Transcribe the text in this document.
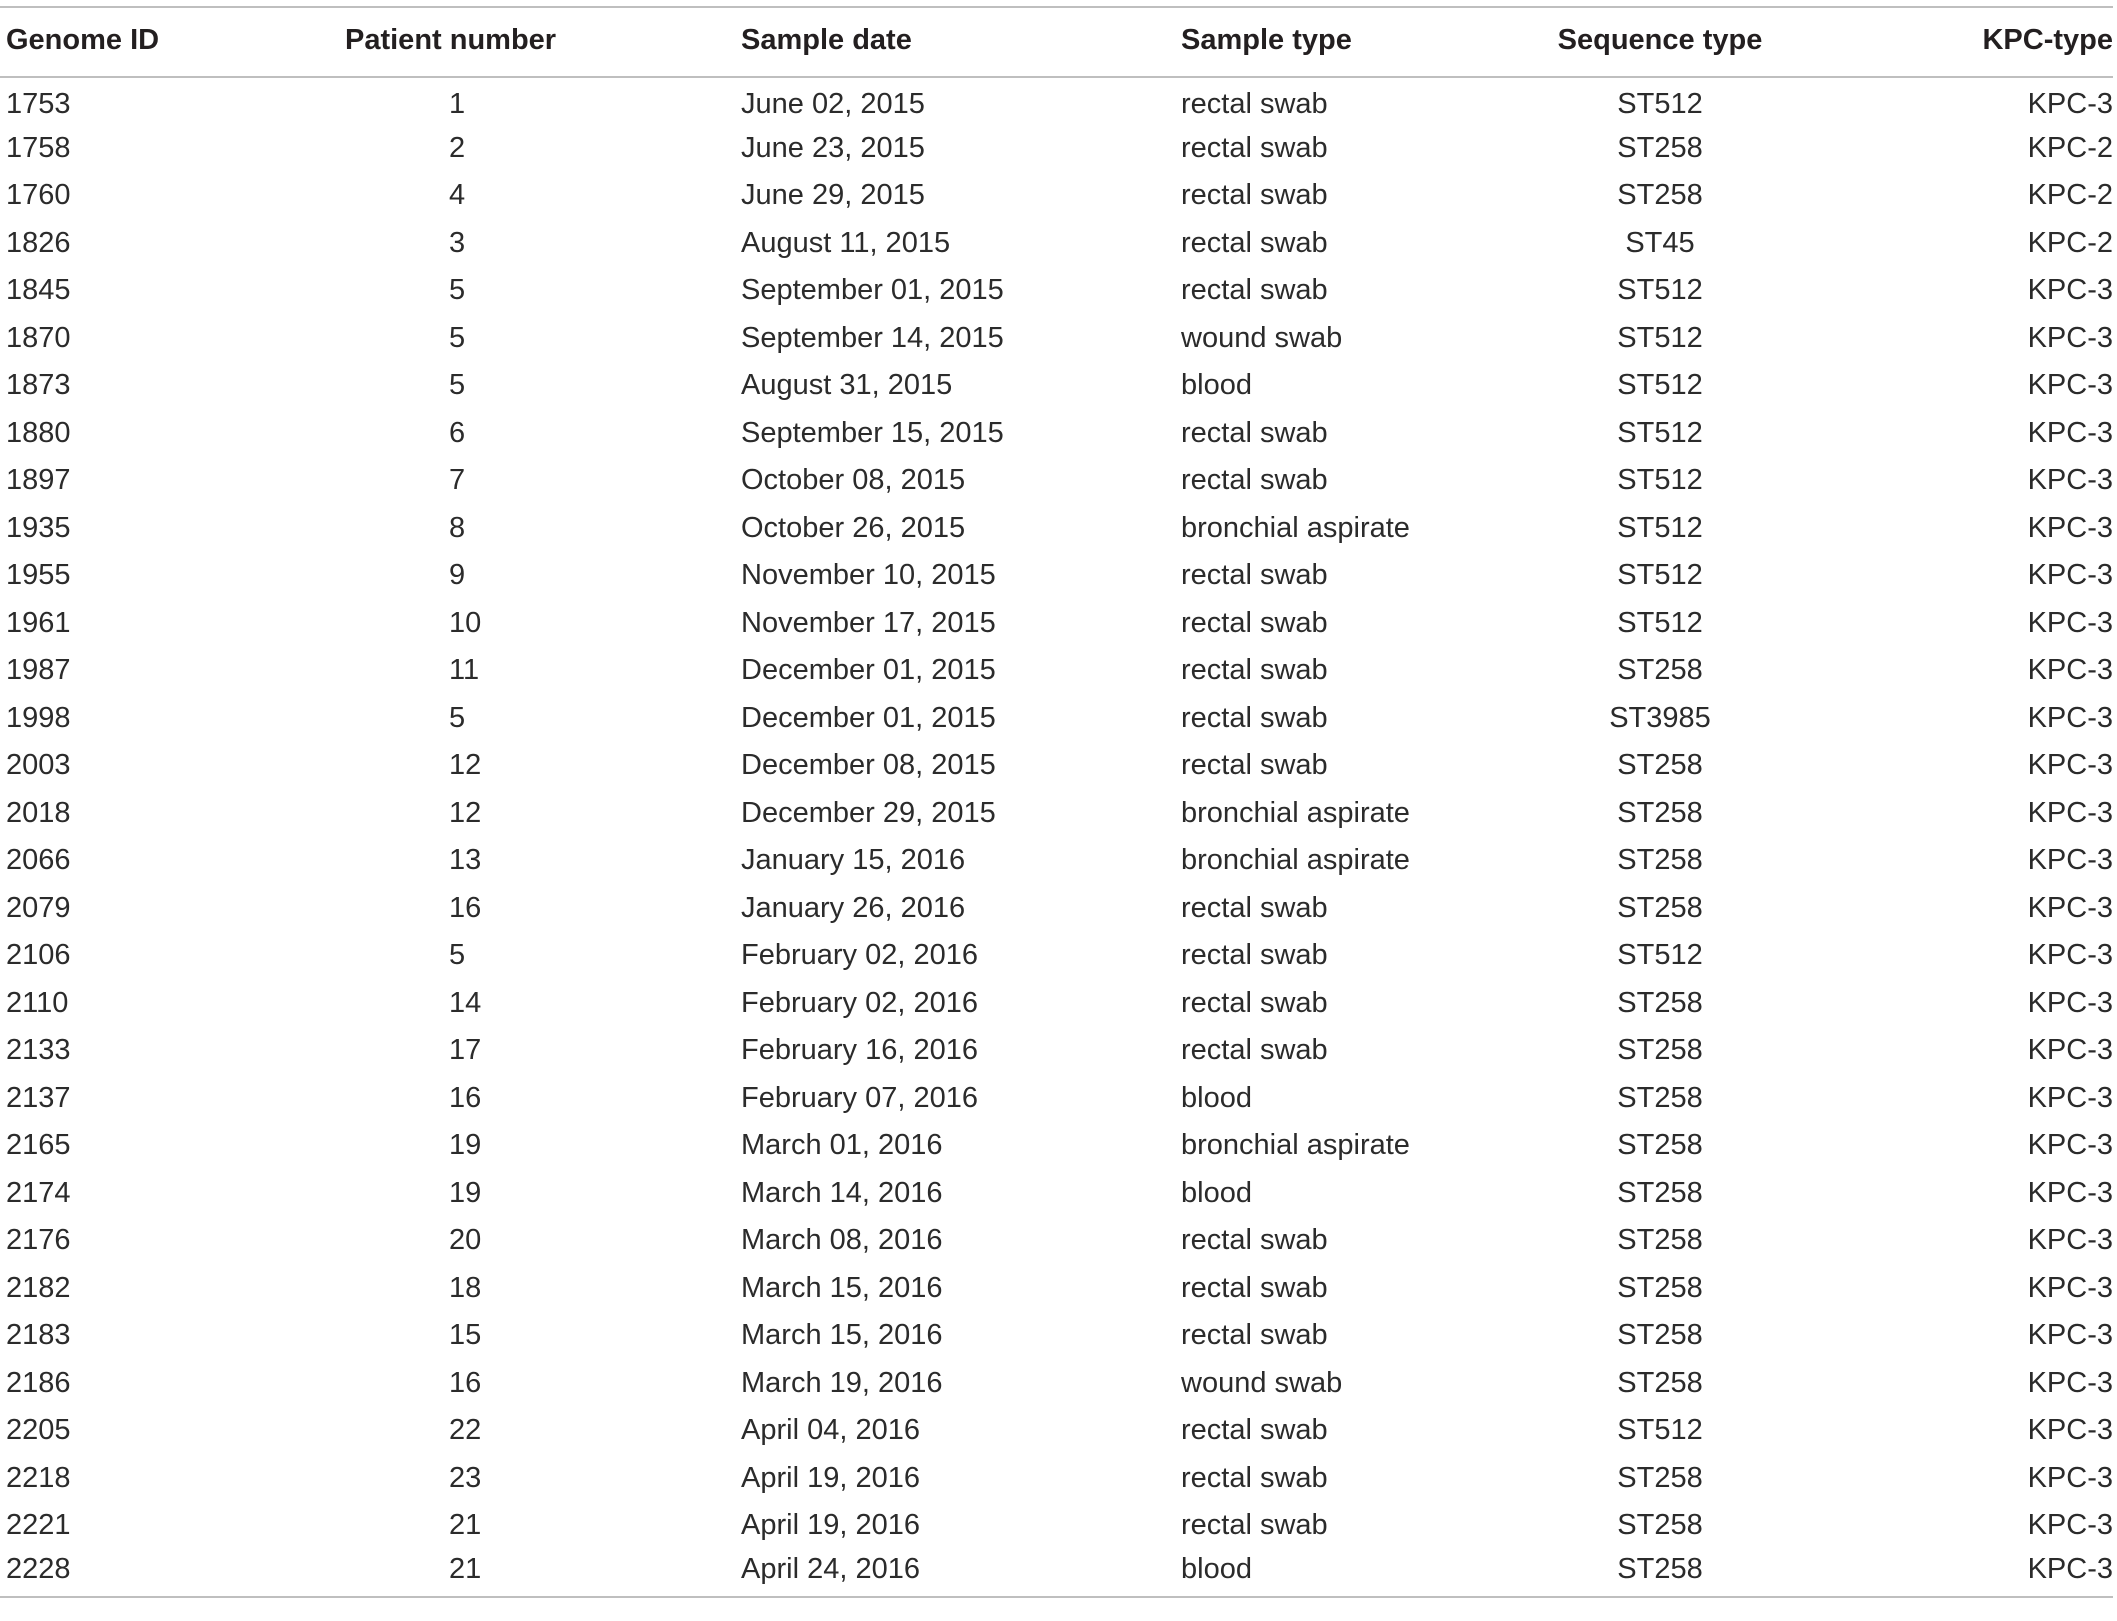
Genome ID	Patient number	Sample date	Sample type	Sequence type	KPC-type
1753	1	June 02, 2015	rectal swab	ST512	KPC-3
1758	2	June 23, 2015	rectal swab	ST258	KPC-2
1760	4	June 29, 2015	rectal swab	ST258	KPC-2
1826	3	August 11, 2015	rectal swab	ST45	KPC-2
1845	5	September 01, 2015	rectal swab	ST512	KPC-3
1870	5	September 14, 2015	wound swab	ST512	KPC-3
1873	5	August 31, 2015	blood	ST512	KPC-3
1880	6	September 15, 2015	rectal swab	ST512	KPC-3
1897	7	October 08, 2015	rectal swab	ST512	KPC-3
1935	8	October 26, 2015	bronchial aspirate	ST512	KPC-3
1955	9	November 10, 2015	rectal swab	ST512	KPC-3
1961	10	November 17, 2015	rectal swab	ST512	KPC-3
1987	11	December 01, 2015	rectal swab	ST258	KPC-3
1998	5	December 01, 2015	rectal swab	ST3985	KPC-3
2003	12	December 08, 2015	rectal swab	ST258	KPC-3
2018	12	December 29, 2015	bronchial aspirate	ST258	KPC-3
2066	13	January 15, 2016	bronchial aspirate	ST258	KPC-3
2079	16	January 26, 2016	rectal swab	ST258	KPC-3
2106	5	February 02, 2016	rectal swab	ST512	KPC-3
2110	14	February 02, 2016	rectal swab	ST258	KPC-3
2133	17	February 16, 2016	rectal swab	ST258	KPC-3
2137	16	February 07, 2016	blood	ST258	KPC-3
2165	19	March 01, 2016	bronchial aspirate	ST258	KPC-3
2174	19	March 14, 2016	blood	ST258	KPC-3
2176	20	March 08, 2016	rectal swab	ST258	KPC-3
2182	18	March 15, 2016	rectal swab	ST258	KPC-3
2183	15	March 15, 2016	rectal swab	ST258	KPC-3
2186	16	March 19, 2016	wound swab	ST258	KPC-3
2205	22	April 04, 2016	rectal swab	ST512	KPC-3
2218	23	April 19, 2016	rectal swab	ST258	KPC-3
2221	21	April 19, 2016	rectal swab	ST258	KPC-3
2228	21	April 24, 2016	blood	ST258	KPC-3
